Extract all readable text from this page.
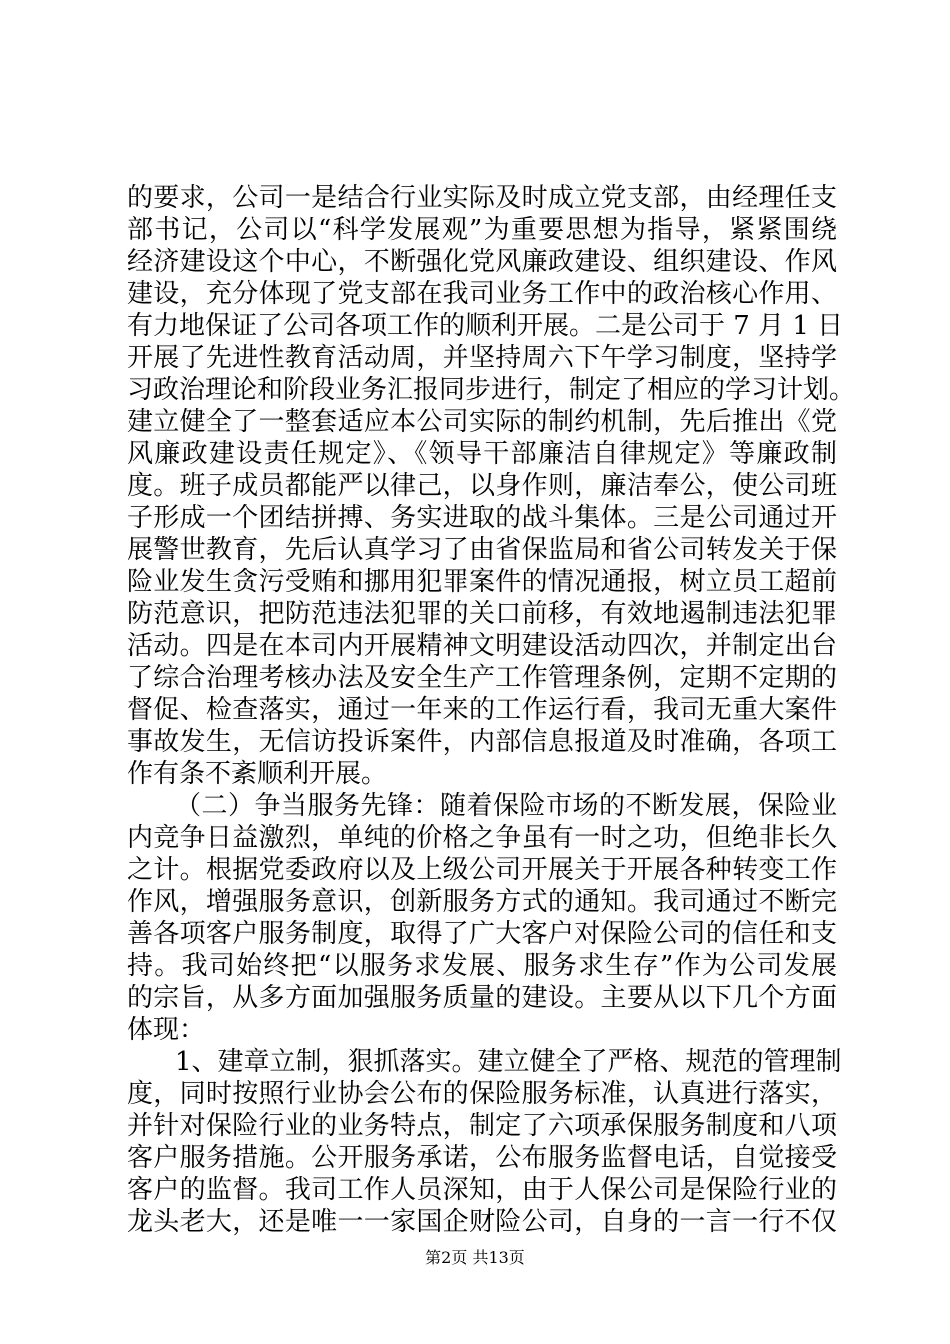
的要求，公司一是结合行业实际及时成立党支部，由经理任支
部书记，公司以“科学发展观”为重要思想为指导，紧紧围绕
经济建设这个中心，不断强化党风廉政建设、组织建设、作风
建设，充分体现了党支部在我司业务工作中的政治核心作用、
有力地保证了公司各项工作的顺利开展。二是公司于 7 月 1 日
开展了先进性教育活动周，并坚持周六下午学习制度，坚持学
习政治理论和阶段业务汇报同步进行，制定了相应的学习计划。
建立健全了一整套适应本公司实际的制约机制，先后推出《党
风廉政建设责任规定》、《领导干部廉洁自律规定》等廉政制
度。班子成员都能严以律己，以身作则，廉洁奉公，使公司班
子形成一个团结拼搏、务实进取的战斗集体。三是公司通过开
展警世教育，先后认真学习了由省保监局和省公司转发关于保
险业发生贪污受贿和挪用犯罪案件的情况通报，树立员工超前
防范意识，把防范违法犯罪的关口前移，有效地遏制违法犯罪
活动。四是在本司内开展精神文明建设活动四次，并制定出台
了综合治理考核办法及安全生产工作管理条例，定期不定期的
督促、检查落实，通过一年来的工作运行看，我司无重大案件
事故发生，无信访投诉案件，内部信息报道及时准确，各项工
作有条不紊顺利开展。
（二）争当服务先锋：随着保险市场的不断发展，保险业
内竞争日益激烈，单纯的价格之争虽有一时之功，但绝非长久
之计。根据党委政府以及上级公司开展关于开展各种转变工作
作风，增强服务意识，创新服务方式的通知。我司通过不断完
善各项客户服务制度，取得了广大客户对保险公司的信任和支
持。我司始终把“以服务求发展、服务求生存”作为公司发展
的宗旨，从多方面加强服务质量的建设。主要从以下几个方面
体现：
1、建章立制，狠抓落实。建立健全了严格、规范的管理制
度，同时按照行业协会公布的保险服务标准，认真进行落实，
并针对保险行业的业务特点，制定了六项承保服务制度和八项
客户服务措施。公开服务承诺，公布服务监督电话，自觉接受
客户的监督。我司工作人员深知，由于人保公司是保险行业的
龙头老大，还是唯一一家国企财险公司，自身的一言一行不仅
第2页 共13页
